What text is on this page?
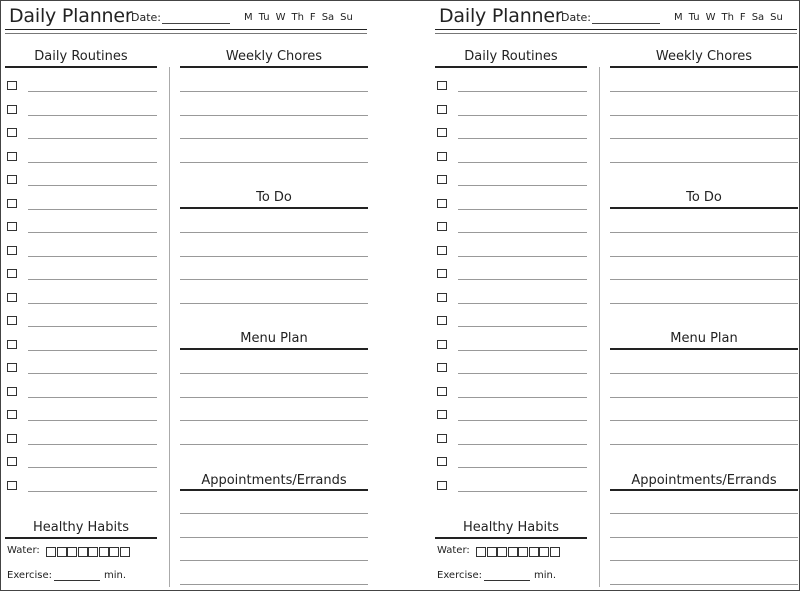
Daily Planner
Date:	M Tu W Th F Sa Su
Daily Routines	Weekly Chores
To Do
Menu Plan
Appointments/Errands
Healthy Habits
Water:
Exercise:	min.
Daily Planner
Date:	M Tu W Th F Sa Su
Daily Routines	Weekly Chores
To Do
Menu Plan
Appointments/Errands
Healthy Habits
Water:
Exercise:	min.
